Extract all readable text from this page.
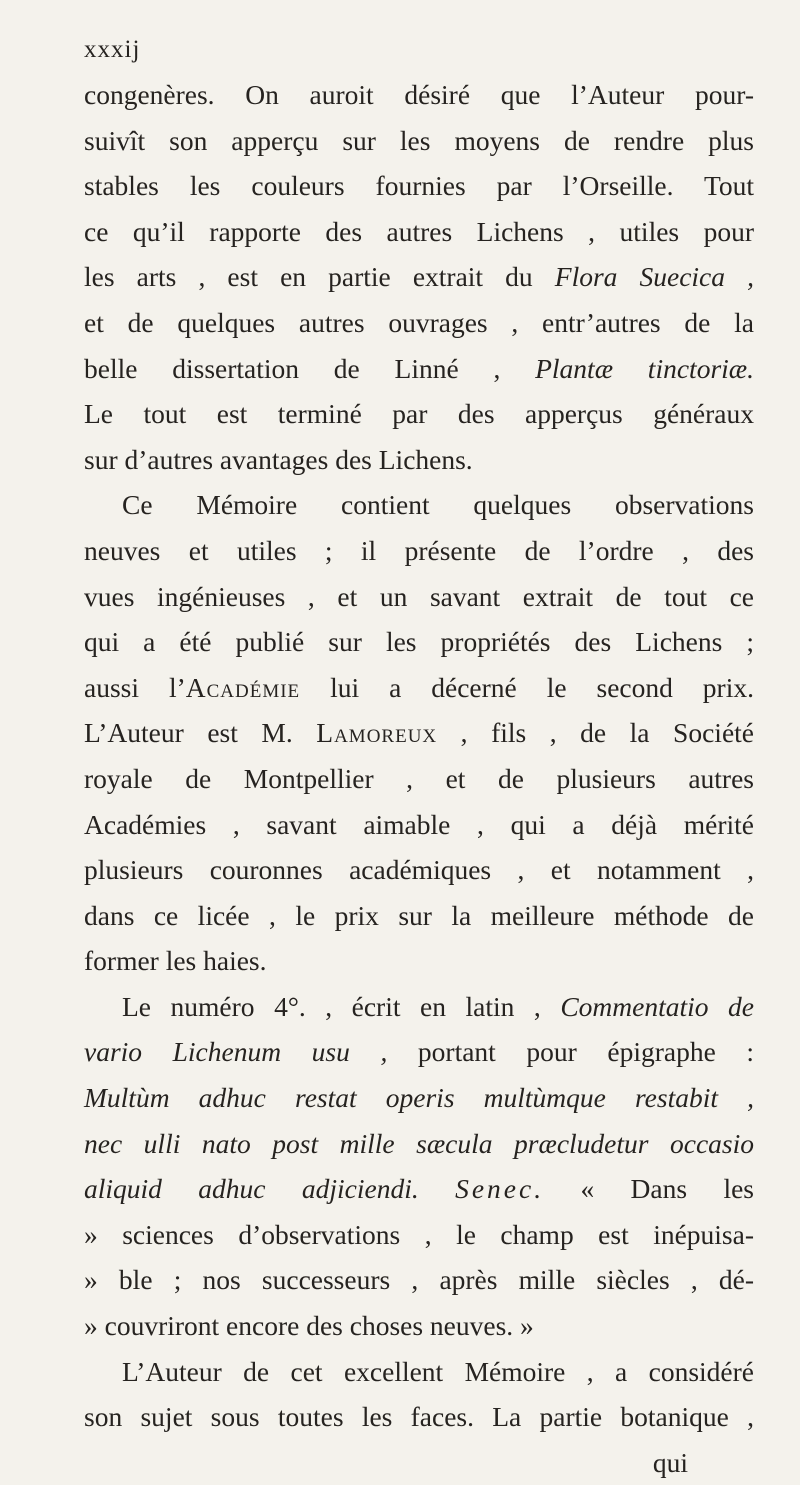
xxxij
congenères. On auroit désiré que l’Auteur pour-
suivît son apperçu sur les moyens de rendre plus
stables les couleurs fournies par l’Orseille. Tout
ce qu’il rapporte des autres Lichens , utiles pour
les arts , est en partie extrait du Flora Suecica ,
et de quelques autres ouvrages , entr’autres de la
belle dissertation de Linné , Plantæ tinctoriæ.
Le tout est terminé par des apperçus généraux
sur d’autres avantages des Lichens.
Ce Mémoire contient quelques observations
neuves et utiles ; il présente de l’ordre , des
vues ingénieuses , et un savant extrait de tout ce
qui a été publié sur les propriétés des Lichens ;
aussi l’Académie lui a décerné le second prix.
L’Auteur est M. Lamoreux , fils , de la Société
royale de Montpellier , et de plusieurs autres
Académies , savant aimable , qui a déjà mérité
plusieurs couronnes académiques , et notamment ,
dans ce licée , le prix sur la meilleure méthode de
former les haies.
Le numéro 4°. , écrit en latin , Commentatio de
vario Lichenum usu , portant pour épigraphe :
Multùm adhuc restat operis multùmque restabit ,
nec ulli nato post mille sæcula præcludetur occasio
aliquid adhuc adjiciendi. Senec. « Dans les
» sciences d’observations , le champ est inépuisa-
» ble ; nos successeurs , après mille siècles , dé-
» couvriront encore des choses neuves. »
L’Auteur de cet excellent Mémoire , a considéré
son sujet sous toutes les faces. La partie botanique ,
qui
